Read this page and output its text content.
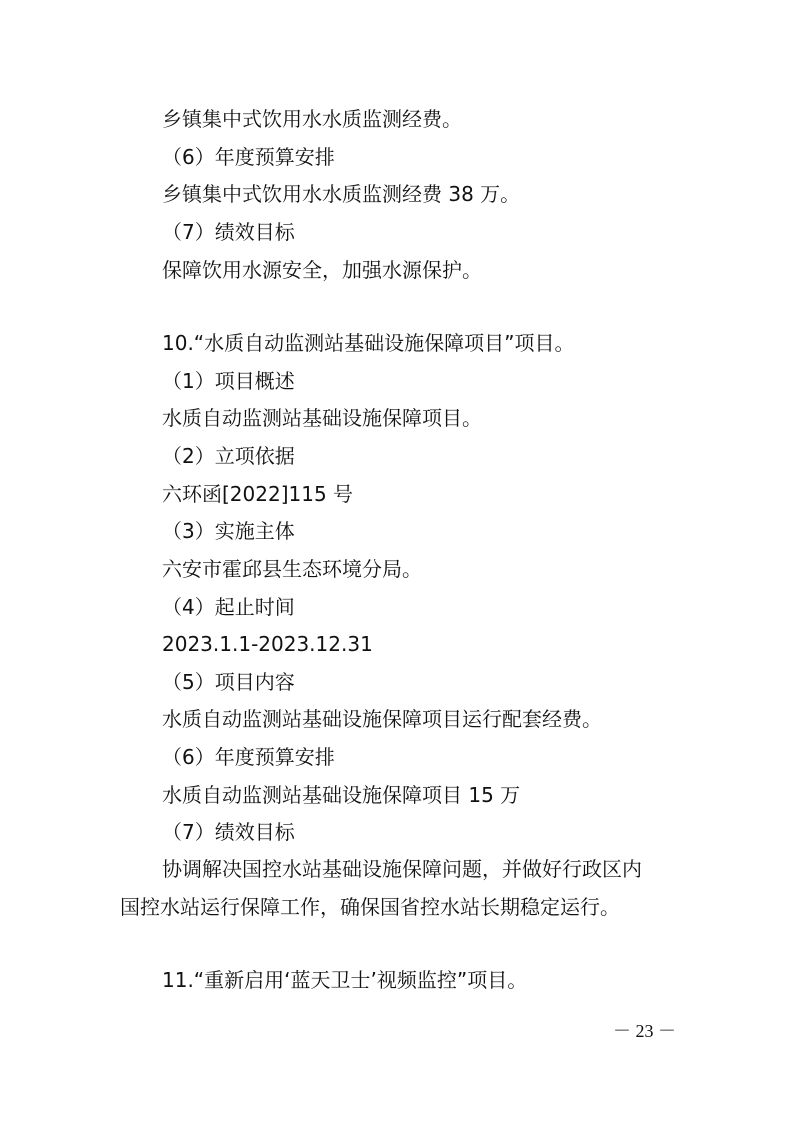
乡镇集中式饮用水水质监测经费。
（6）年度预算安排
乡镇集中式饮用水水质监测经费 38 万。
（7）绩效目标
保障饮用水源安全，加强水源保护。
10.“水质自动监测站基础设施保障项目”项目。
（1）项目概述
水质自动监测站基础设施保障项目。
（2）立项依据
六环函[2022]115 号
（3）实施主体
六安市霍邱县生态环境分局。
（4）起止时间
2023.1.1-2023.12.31
（5）项目内容
水质自动监测站基础设施保障项目运行配套经费。
（6）年度预算安排
水质自动监测站基础设施保障项目 15 万
（7）绩效目标
协调解决国控水站基础设施保障问题，并做好行政区内
国控水站运行保障工作，确保国省控水站长期稳定运行。
11.“重新启用‘蓝天卫士’视频监控”项目。
－ 23 －
